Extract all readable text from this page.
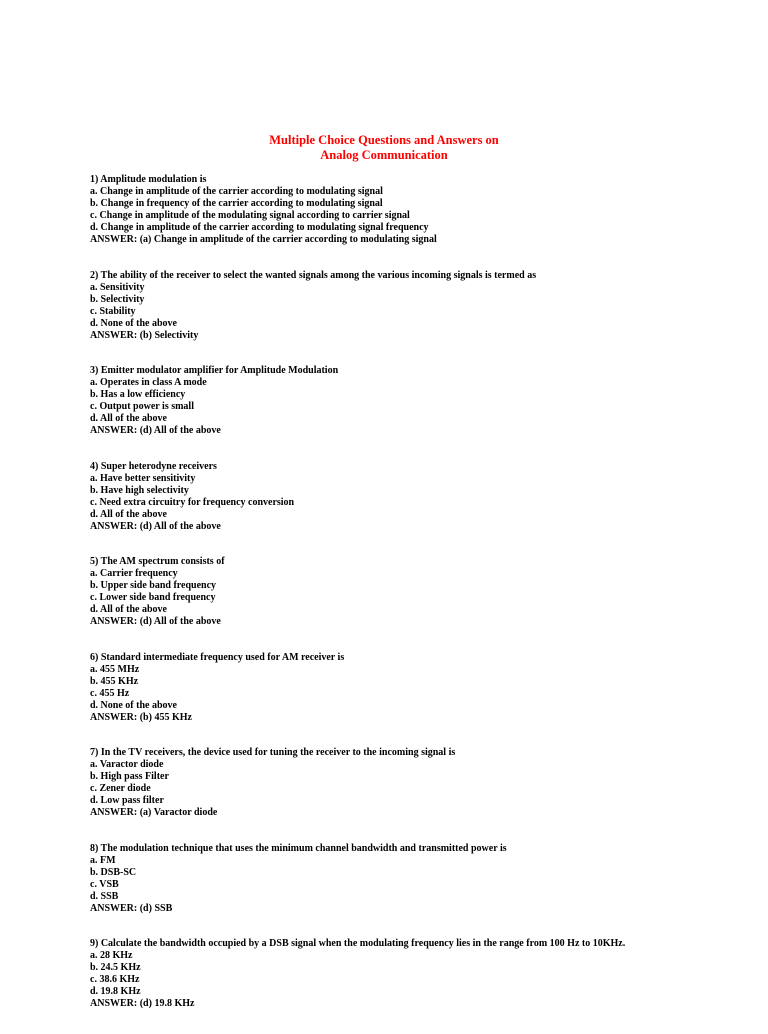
Multiple Choice Questions and Answers on
Analog Communication
1) Amplitude modulation is
a. Change in amplitude of the carrier according to modulating signal
b. Change in frequency of the carrier according to modulating signal
c. Change in amplitude of the modulating signal according to carrier signal
d. Change in amplitude of the carrier according to modulating signal frequency
ANSWER: (a) Change in amplitude of the carrier according to modulating signal
2) The ability of the receiver to select the wanted signals among the various incoming signals is termed as
a. Sensitivity
b. Selectivity
c. Stability
d. None of the above
ANSWER: (b) Selectivity
3) Emitter modulator amplifier for Amplitude Modulation
a. Operates in class A mode
b. Has a low efficiency
c. Output power is small
d. All of the above
ANSWER: (d) All of the above
4) Super heterodyne receivers
a. Have better sensitivity
b. Have high selectivity
c. Need extra circuitry for frequency conversion
d. All of the above
ANSWER: (d) All of the above
5) The AM spectrum consists of
a. Carrier frequency
b. Upper side band frequency
c. Lower side band frequency
d. All of the above
ANSWER: (d) All of the above
6) Standard intermediate frequency used for AM receiver is
a. 455 MHz
b. 455 KHz
c. 455 Hz
d. None of the above
ANSWER: (b) 455 KHz
7) In the TV receivers, the device used for tuning the receiver to the incoming signal is
a. Varactor diode
b. High pass Filter
c. Zener diode
d. Low pass filter
ANSWER: (a) Varactor diode
8) The modulation technique that uses the minimum channel bandwidth and transmitted power is
a. FM
b. DSB-SC
c. VSB
d. SSB
ANSWER: (d) SSB
9) Calculate the bandwidth occupied by a DSB signal when the modulating frequency lies in the range from 100 Hz to 10KHz.
a. 28 KHz
b. 24.5 KHz
c. 38.6 KHz
d. 19.8 KHz
ANSWER: (d) 19.8 KHz
